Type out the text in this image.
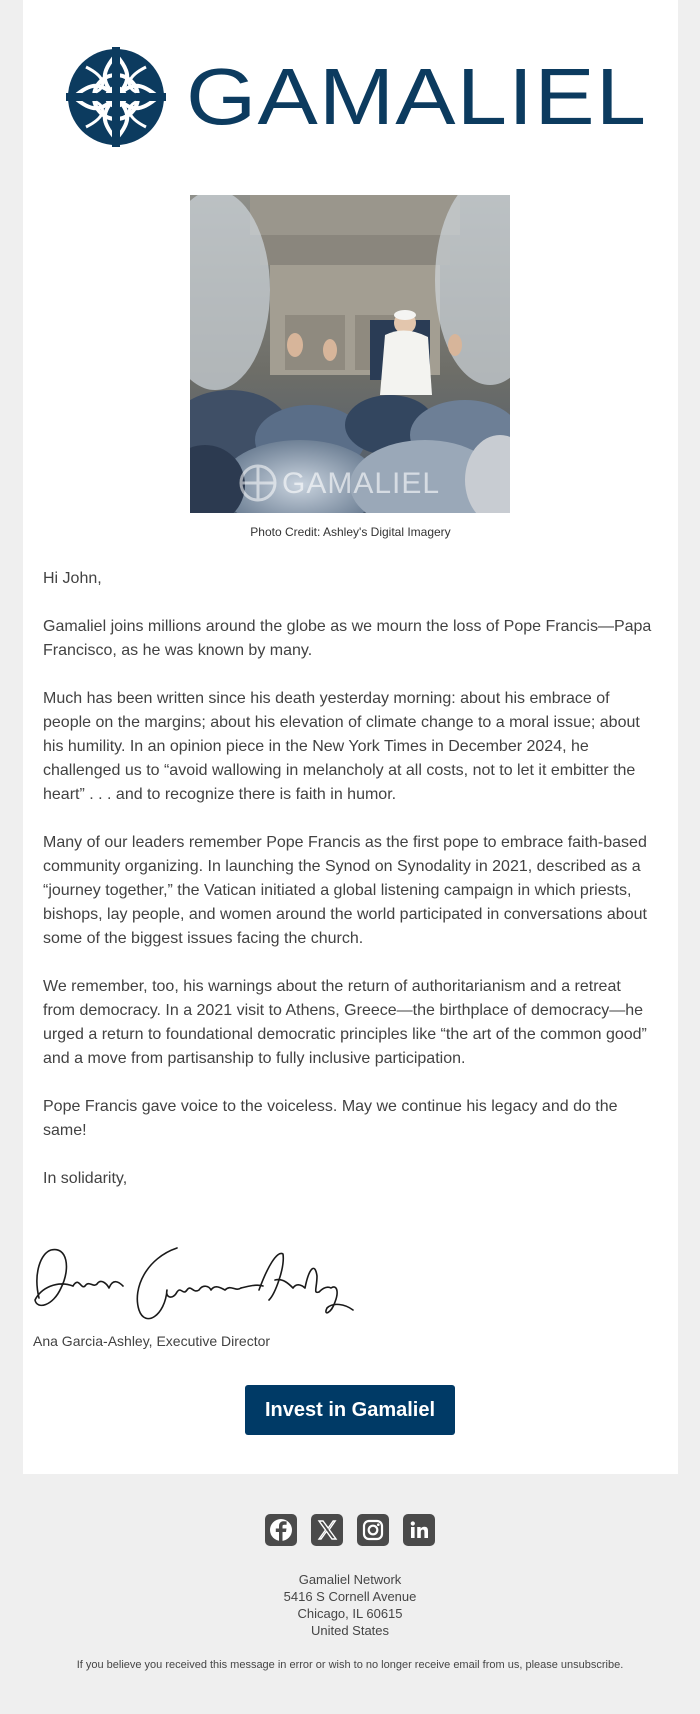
GAMALIEL
GAMALIEL
Photo Credit: Ashley's Digital Imagery

Hi John,

Gamaliel joins millions around the globe as we mourn the loss of Pope Francis—Papa Francisco, as he was known by many.

Much has been written since his death yesterday morning: about his embrace of people on the margins; about his elevation of climate change to a moral issue; about his humility. In an opinion piece in the New York Times in December 2024, he challenged us to “avoid wallowing in melancholy at all costs, not to let it embitter the heart” . . . and to recognize there is faith in humor.

Many of our leaders remember Pope Francis as the first pope to embrace faith-based community organizing. In launching the Synod on Synodality in 2021, described as a “journey together,” the Vatican initiated a global listening campaign in which priests, bishops, lay people, and women around the world participated in conversations about some of the biggest issues facing the church.

We remember, too, his warnings about the return of authoritarianism and a retreat from democracy. In a 2021 visit to Athens, Greece—the birthplace of democracy—he urged a return to foundational democratic principles like “the art of the common good” and a move from partisanship to fully inclusive participation.

Pope Francis gave voice to the voiceless. May we continue his legacy and do the same!

In solidarity,

Ana Garcia-Ashley, Executive Director
Invest in Gamaliel

Gamaliel Network
5416 S Cornell Avenue
Chicago, IL 60615
United States
If you believe you received this message in error or wish to no longer receive email from us, please unsubscribe.
